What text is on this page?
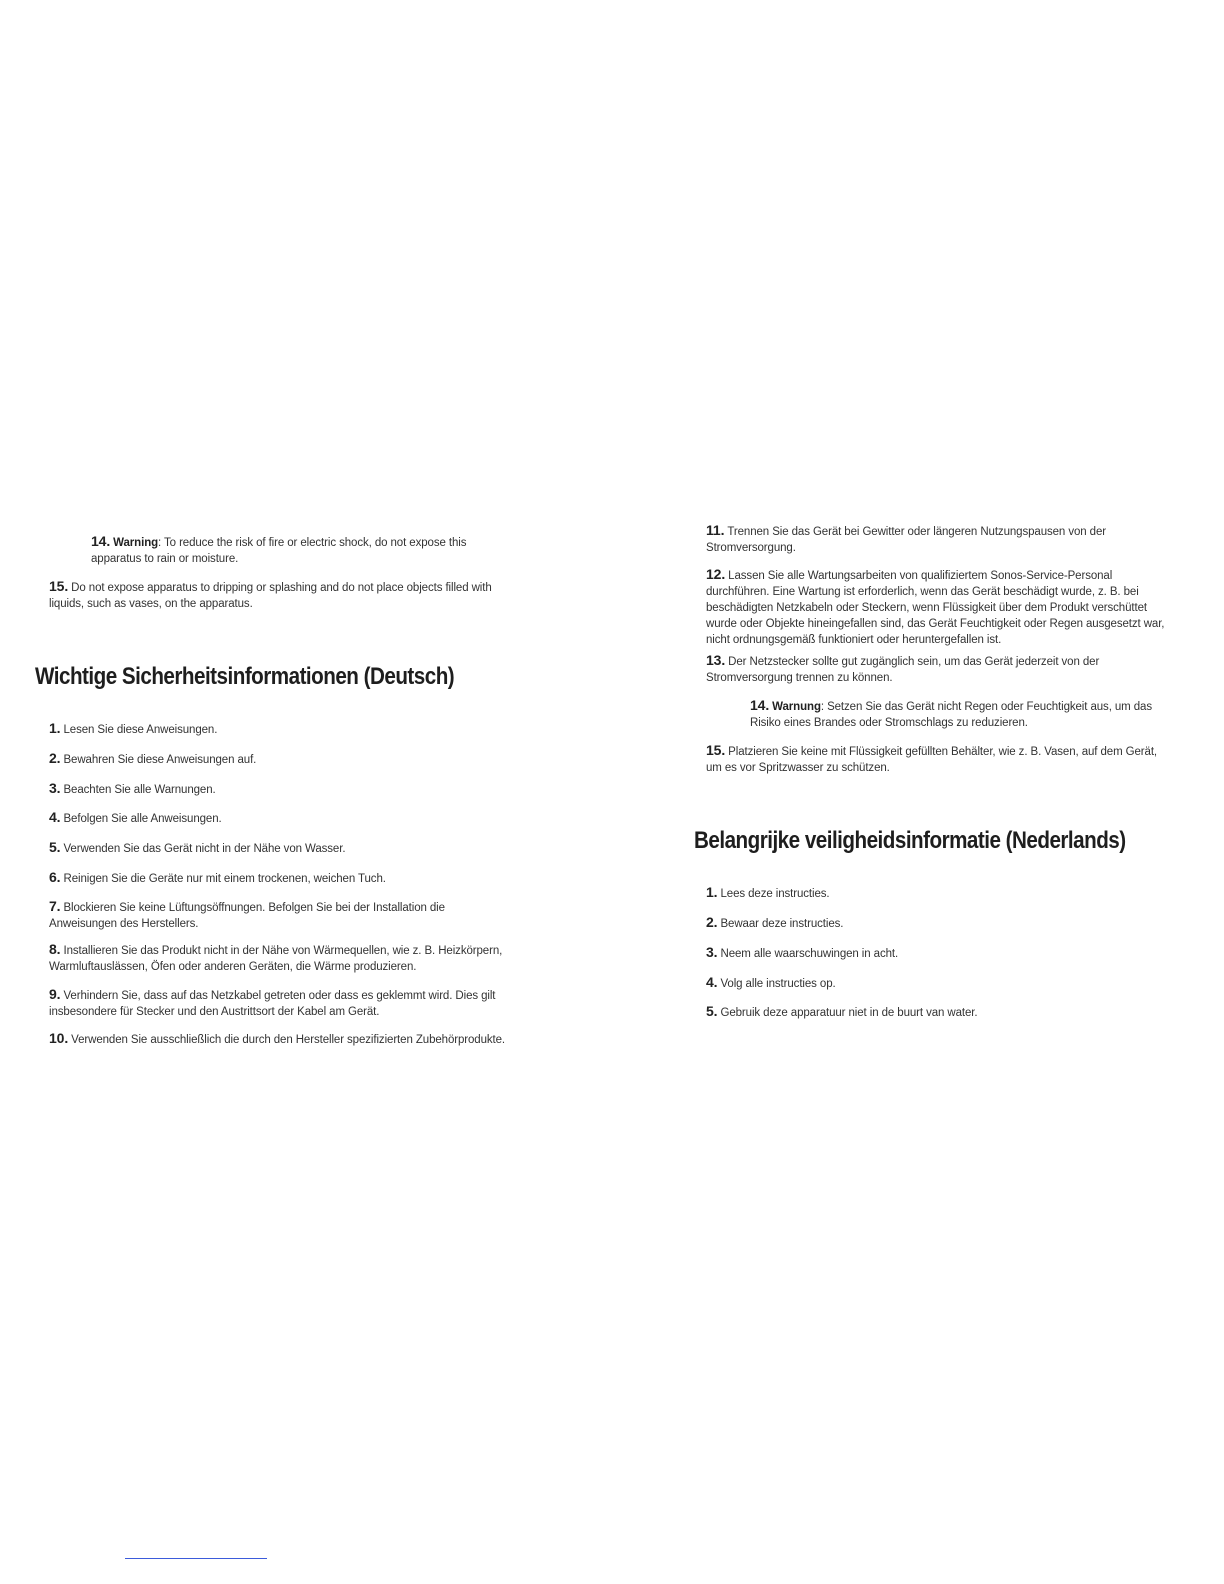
14. Warning: To reduce the risk of fire or electric shock, do not expose this apparatus to rain or moisture.
15. Do not expose apparatus to dripping or splashing and do not place objects filled with liquids, such as vases, on the apparatus.
Wichtige Sicherheitsinformationen (Deutsch)
1. Lesen Sie diese Anweisungen.
2. Bewahren Sie diese Anweisungen auf.
3. Beachten Sie alle Warnungen.
4. Befolgen Sie alle Anweisungen.
5. Verwenden Sie das Gerät nicht in der Nähe von Wasser.
6. Reinigen Sie die Geräte nur mit einem trockenen, weichen Tuch.
7. Blockieren Sie keine Lüftungsöffnungen. Befolgen Sie bei der Installation die Anweisungen des Herstellers.
8. Installieren Sie das Produkt nicht in der Nähe von Wärmequellen, wie z. B. Heizkörpern, Warmluftauslässen, Öfen oder anderen Geräten, die Wärme produzieren.
9. Verhindern Sie, dass auf das Netzkabel getreten oder dass es geklemmt wird. Dies gilt insbesondere für Stecker und den Austrittsort der Kabel am Gerät.
10. Verwenden Sie ausschließlich die durch den Hersteller spezifizierten Zubehörprodukte.
11. Trennen Sie das Gerät bei Gewitter oder längeren Nutzungspausen von der Stromversorgung.
12. Lassen Sie alle Wartungsarbeiten von qualifiziertem Sonos-Service-Personal durchführen. Eine Wartung ist erforderlich, wenn das Gerät beschädigt wurde, z. B. bei beschädigten Netzkabeln oder Steckern, wenn Flüssigkeit über dem Produkt verschüttet wurde oder Objekte hineingefallen sind, das Gerät Feuchtigkeit oder Regen ausgesetzt war, nicht ordnungsgemäß funktioniert oder heruntergefallen ist.
13. Der Netzstecker sollte gut zugänglich sein, um das Gerät jederzeit von der Stromversorgung trennen zu können.
14. Warnung: Setzen Sie das Gerät nicht Regen oder Feuchtigkeit aus, um das Risiko eines Brandes oder Stromschlags zu reduzieren.
15. Platzieren Sie keine mit Flüssigkeit gefüllten Behälter, wie z. B. Vasen, auf dem Gerät, um es vor Spritzwasser zu schützen.
Belangrijke veiligheidsinformatie (Nederlands)
1. Lees deze instructies.
2. Bewaar deze instructies.
3. Neem alle waarschuwingen in acht.
4. Volg alle instructies op.
5. Gebruik deze apparatuur niet in de buurt van water.
